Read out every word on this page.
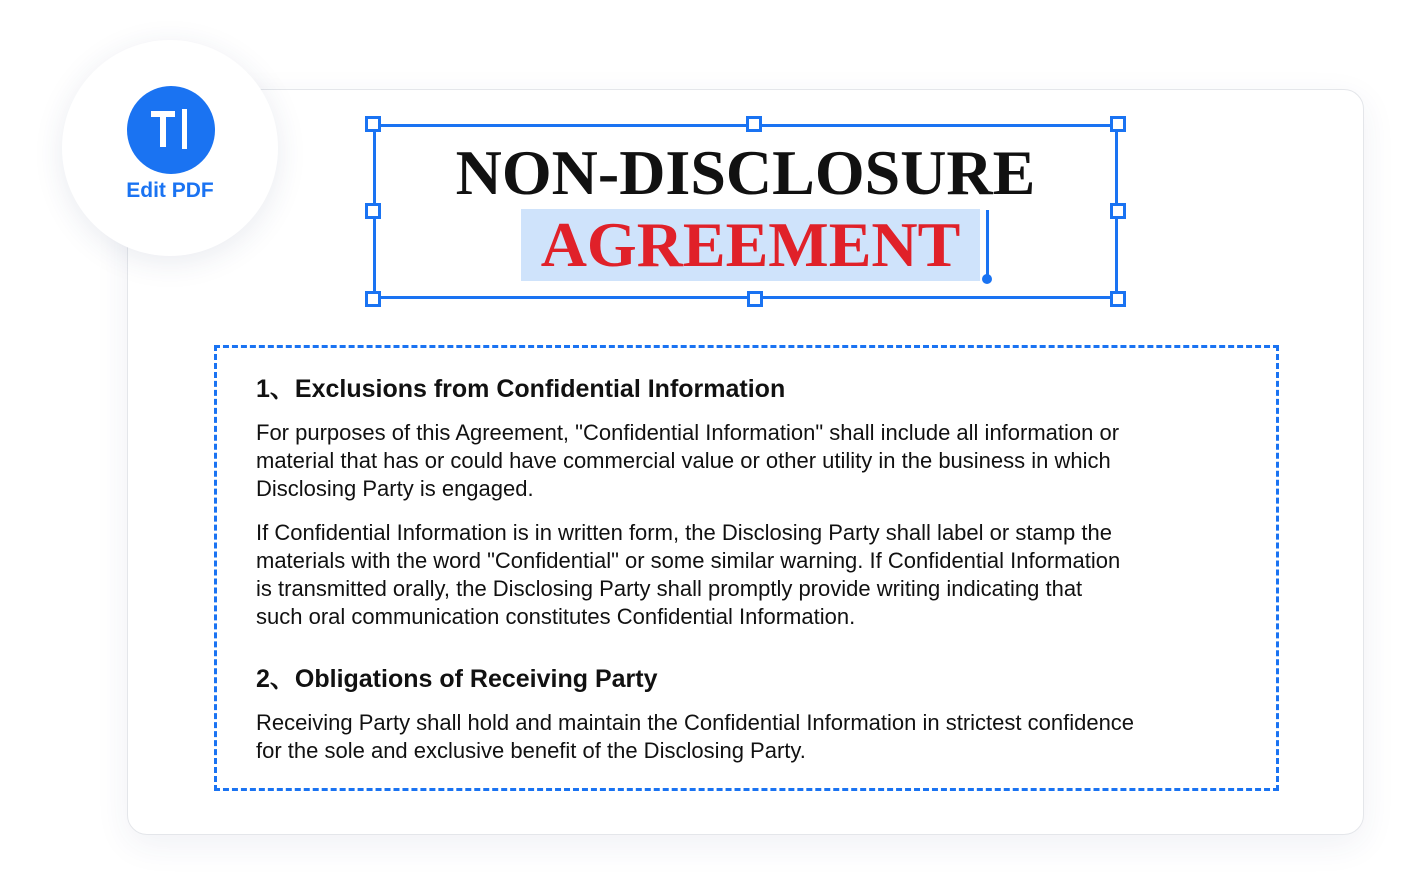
Edit PDF	NON-DISCLOSURE
AGREEMENT
1、Exclusions from Confidential Information
For purposes of this Agreement, "Confidential Information" shall include all information or
material that has or could have commercial value or other utility in the business in which
Disclosing Party is engaged.
If Confidential Information is in written form, the Disclosing Party shall label or stamp the
materials with the word "Confidential" or some similar warning. If Confidential Information
is transmitted orally, the Disclosing Party shall promptly provide writing indicating that
such oral communication constitutes Confidential Information.
2、Obligations of Receiving Party
Receiving Party shall hold and maintain the Confidential Information in strictest confidence
for the sole and exclusive benefit of the Disclosing Party.
